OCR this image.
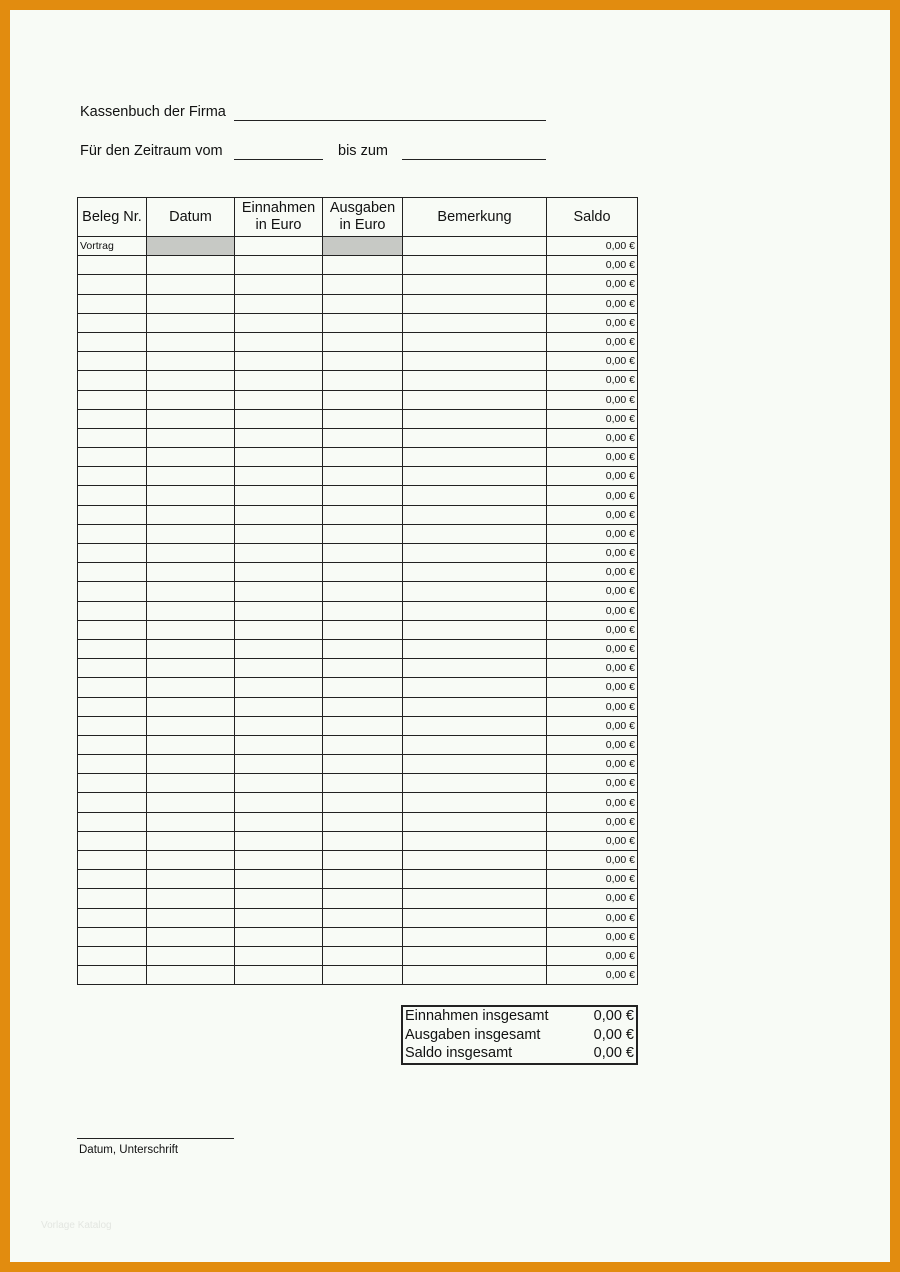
Kassenbuch der Firma
Für den Zeitraum vom	bis zum
Beleg Nr.	Datum	Einnahmen in Euro	Ausgaben in Euro	Bemerkung	Saldo
Vortrag					0,00 €
					0,00 €
					0,00 €
					0,00 €
					0,00 €
					0,00 €
					0,00 €
					0,00 €
					0,00 €
					0,00 €
					0,00 €
					0,00 €
					0,00 €
					0,00 €
					0,00 €
					0,00 €
					0,00 €
					0,00 €
					0,00 €
					0,00 €
					0,00 €
					0,00 €
					0,00 €
					0,00 €
					0,00 €
					0,00 €
					0,00 €
					0,00 €
					0,00 €
					0,00 €
					0,00 €
					0,00 €
					0,00 €
					0,00 €
					0,00 €
					0,00 €
					0,00 €
					0,00 €
					0,00 €
Einnahmen insgesamt	0,00 €
Ausgaben insgesamt	0,00 €
Saldo insgesamt	0,00 €
Datum, Unterschrift
Vorlage Katalog
